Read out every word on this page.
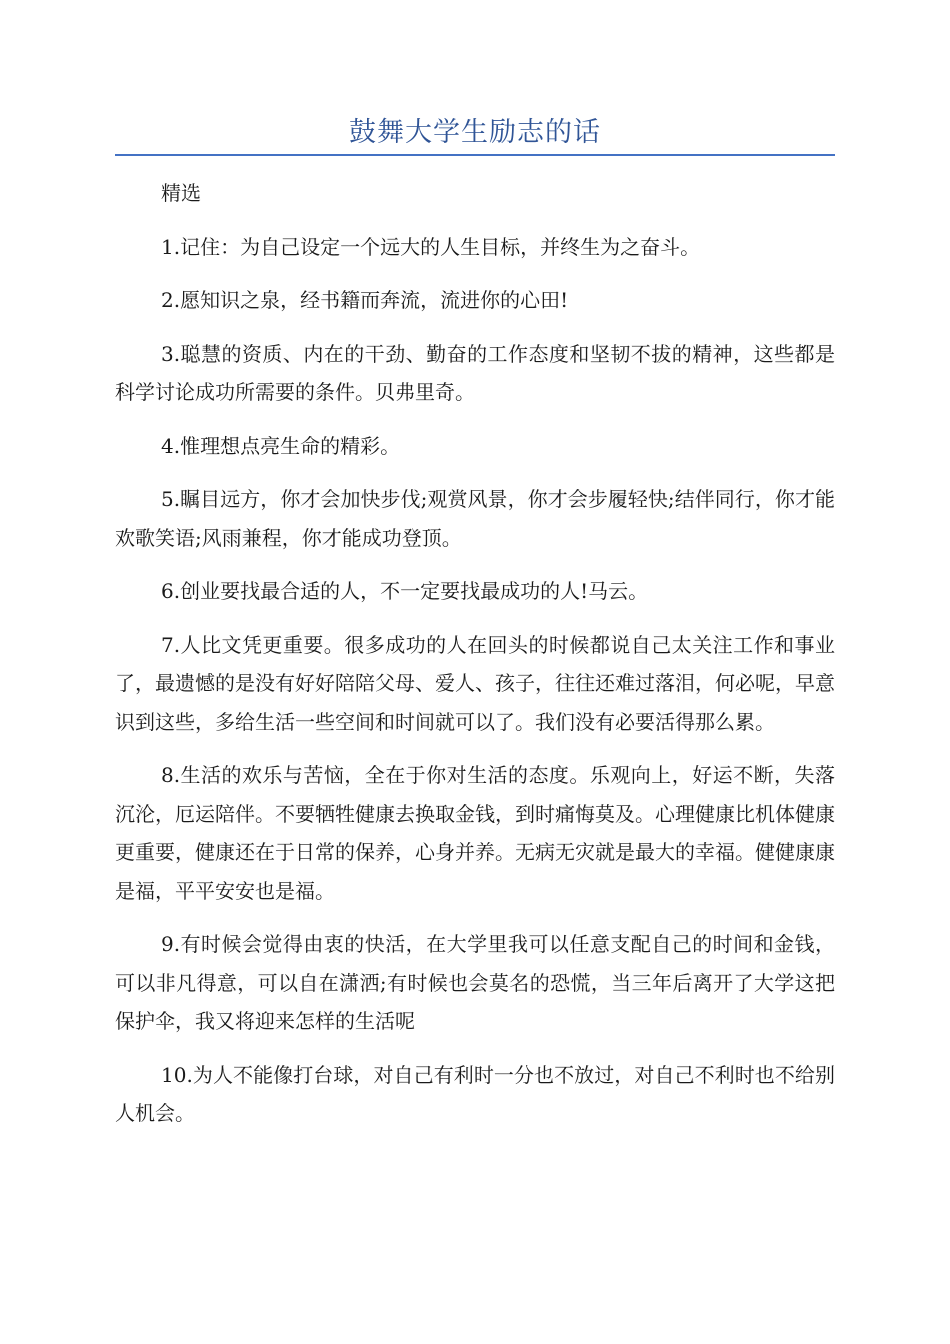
鼓舞大学生励志的话

精选

1.记住：为自己设定一个远大的人生目标，并终生为之奋斗。

2.愿知识之泉，经书籍而奔流，流进你的心田!

3.聪慧的资质、内在的干劲、勤奋的工作态度和坚韧不拔的精神，这些都是科学讨论成功所需要的条件。贝弗里奇。

4.惟理想点亮生命的精彩。

5.瞩目远方，你才会加快步伐;观赏风景，你才会步履轻快;结伴同行，你才能欢歌笑语;风雨兼程，你才能成功登顶。

6.创业要找最合适的人，不一定要找最成功的人!马云。

7.人比文凭更重要。很多成功的人在回头的时候都说自己太关注工作和事业了，最遗憾的是没有好好陪陪父母、爱人、孩子，往往还难过落泪，何必呢，早意识到这些，多给生活一些空间和时间就可以了。我们没有必要活得那么累。

8.生活的欢乐与苦恼，全在于你对生活的态度。乐观向上，好运不断，失落沉沦，厄运陪伴。不要牺牲健康去换取金钱，到时痛悔莫及。心理健康比机体健康更重要，健康还在于日常的保养，心身并养。无病无灾就是最大的幸福。健健康康是福，平平安安也是福。

9.有时候会觉得由衷的快活，在大学里我可以任意支配自己的时间和金钱，可以非凡得意，可以自在潇洒;有时候也会莫名的恐慌，当三年后离开了大学这把保护伞，我又将迎来怎样的生活呢

10.为人不能像打台球，对自己有利时一分也不放过，对自己不利时也不给别人机会。
